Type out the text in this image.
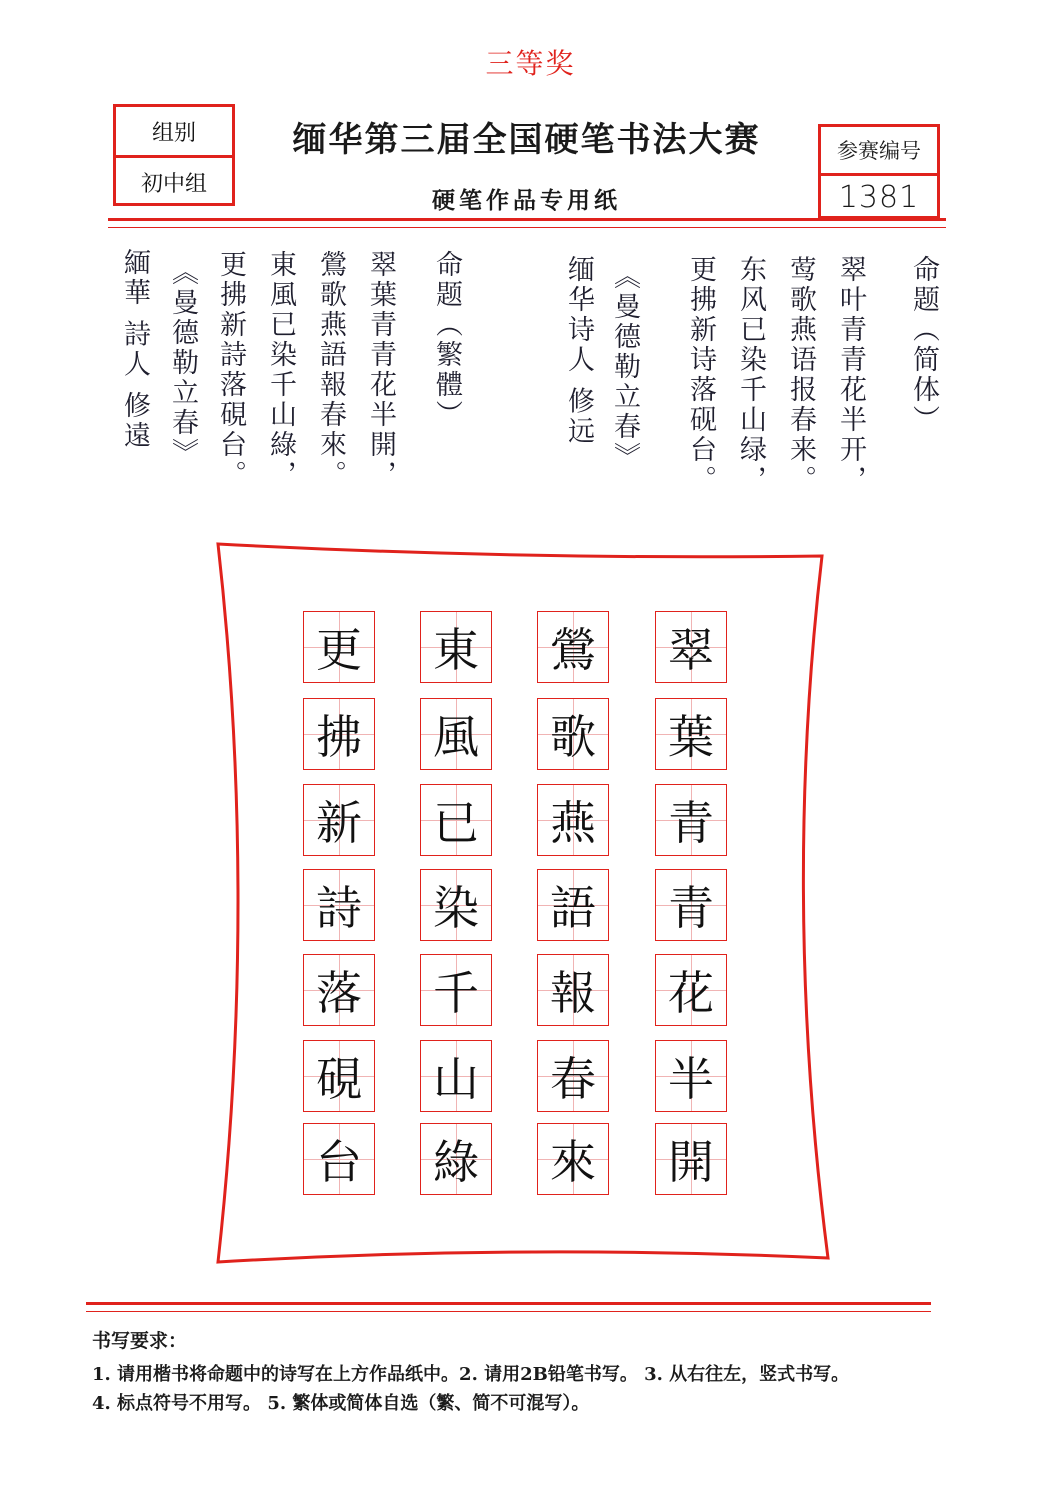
三等奖
组别
初中组
缅华第三届全国硬笔书法大赛
硬笔作品专用纸
参赛编号
1381
命题（简体）
翠叶青青花半开，
莺歌燕语报春来。
东风已染千山绿，
更拂新诗落砚台。
《曼德勒立春》
缅华诗人 修远
命题（繁體）
翠葉青青花半開，
鶯歌燕語報春來。
東風已染千山綠，
更拂新詩落硯台。
《曼德勒立春》
緬華 詩人 修遠
翠
葉
青
青
花
半
開
鶯
歌
燕
語
報
春
來
東
風
已
染
千
山
綠
更
拂
新
詩
落
硯
台
书写要求：
1. 请用楷书将命题中的诗写在上方作品纸中。2. 请用2B铅笔书写。 3. 从右往左，竖式书写。
4. 标点符号不用写。 5. 繁体或简体自选（繁、简不可混写）。
